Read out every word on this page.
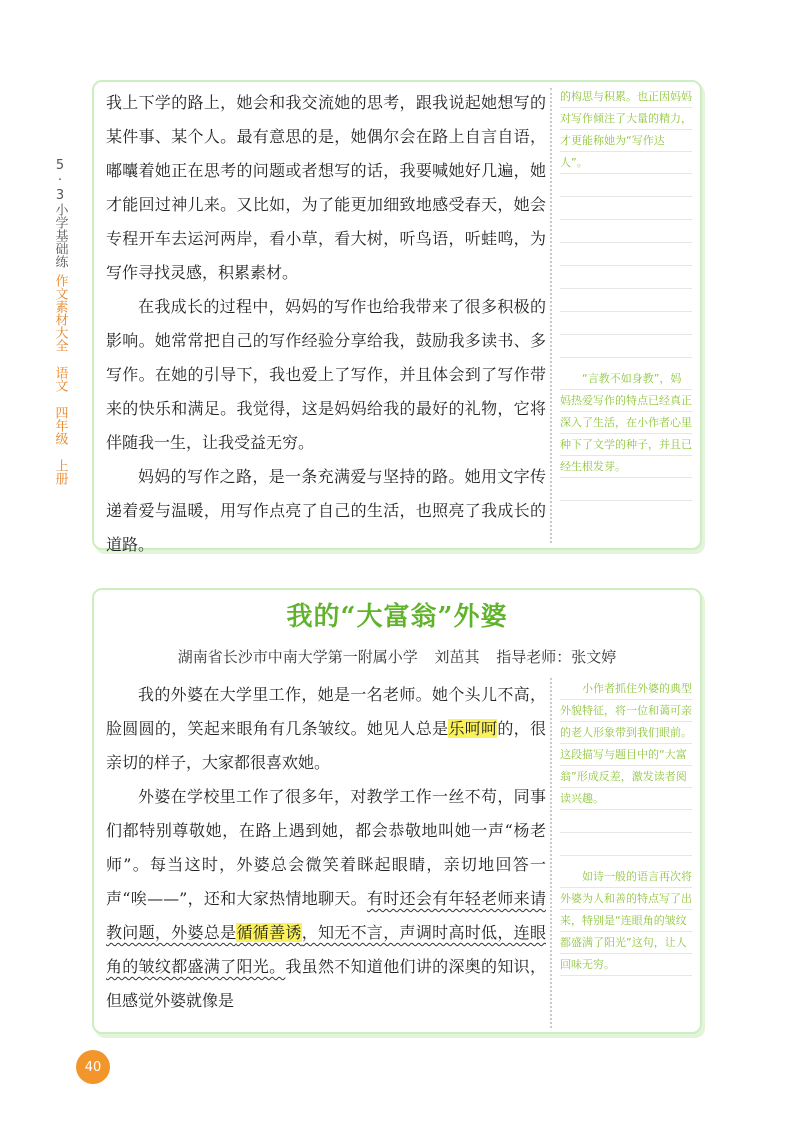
5·3小学基础练
作文素材大全
语文
四年级
上册

我上下学的路上，她会和我交流她的思考，跟我说起她想写的某件事、某个人。最有意思的是，她偶尔会在路上自言自语，嘟囔着她正在思考的问题或者想写的话，我要喊她好几遍，她才能回过神儿来。又比如，为了能更加细致地感受春天，她会专程开车去运河两岸，看小草，看大树，听鸟语，听蛙鸣，为写作寻找灵感，积累素材。

在我成长的过程中，妈妈的写作也给我带来了很多积极的影响。她常常把自己的写作经验分享给我，鼓励我多读书、多写作。在她的引导下，我也爱上了写作，并且体会到了写作带来的快乐和满足。我觉得，这是妈妈给我的最好的礼物，它将伴随我一生，让我受益无穷。

妈妈的写作之路，是一条充满爱与坚持的路。她用文字传递着爱与温暖，用写作点亮了自己的生活，也照亮了我成长的道路。

的构思与积累。也正因妈妈对写作倾注了大量的精力，才更能称她为“写作达人”。
“言教不如身教”，妈妈热爱写作的特点已经真正深入了生活，在小作者心里种下了文学的种子，并且已经生根发芽。
我的“大富翁”外婆
湖南省长沙市中南大学第一附属小学 刘茁其 指导老师：张文婷

我的外婆在大学里工作，她是一名老师。她个头儿不高，脸圆圆的，笑起来眼角有几条皱纹。她见人总是乐呵呵的，很亲切的样子，大家都很喜欢她。

外婆在学校里工作了很多年，对教学工作一丝不苟，同事们都特别尊敬她，在路上遇到她，都会恭敬地叫她一声“杨老师”。每当这时，外婆总会微笑着眯起眼睛，亲切地回答一声“唉——”，还和大家热情地聊天。有时还会有年轻老师来请教问题，外婆总是循循善诱，知无不言，声调时高时低，连眼角的皱纹都盛满了阳光。我虽然不知道他们讲的深奥的知识，但感觉外婆就像是

小作者抓住外婆的典型外貌特征，将一位和蔼可亲的老人形象带到我们眼前。这段描写与题目中的“大富翁”形成反差，激发读者阅读兴趣。
如诗一般的语言再次将外婆为人和善的特点写了出来，特别是“连眼角的皱纹都盛满了阳光”这句，让人回味无穷。
40
